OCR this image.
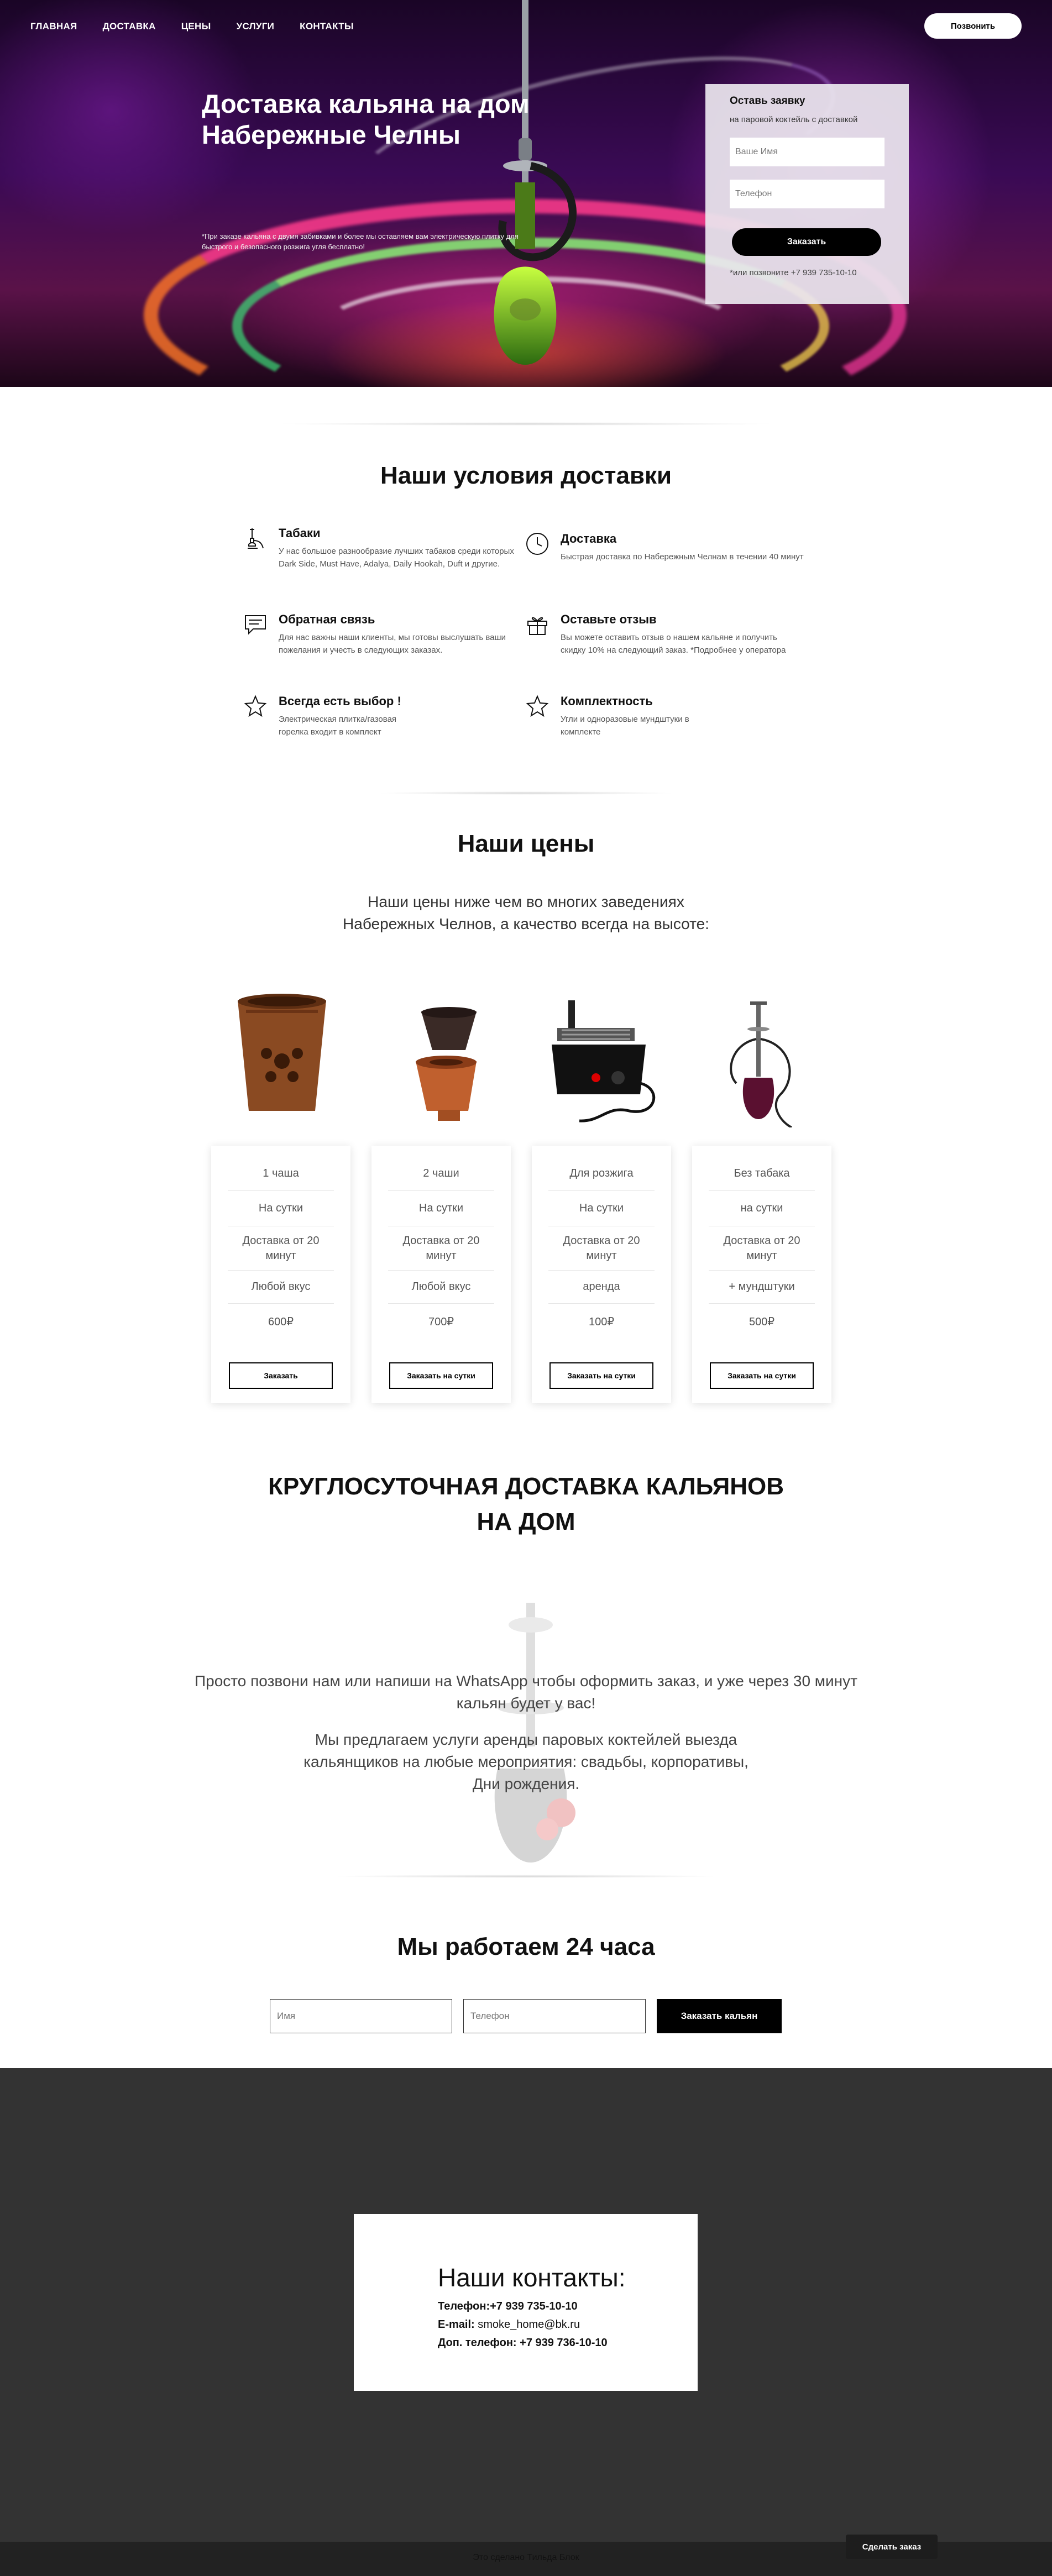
ГЛАВНАЯ	ДОСТАВКА	ЦЕНЫ	УСЛУГИ	КОНТАКТЫ	Позвонить
Доставка кальяна на дом Набережные Челны

*При заказе кальяна с двумя забивками и более мы оставляем вам электрическую плитку для быстрого и безопасного розжига угля бесплатно!

Оставь заявку
на паровой коктейль с доставкой
Ваше Имя
Телефон
Заказать
*или позвоните +7 939 735-10-10
Наши условия доставки
Табаки
У нас большое разнообразие лучших табаков среди которых Dark Side, Must Have, Adalya, Daily Hookah, Duft и другие.
Доставка
Быстрая доставка по Набережным Челнам в течении 40 минут
Обратная связь
Для нас важны наши клиенты, мы готовы выслушать ваши пожелания и учесть в следующих заказах.
Оставьте отзыв
Вы можете оставить отзыв о нашем кальяне и получить скидку 10% на следующий заказ. *Подробнее у оператора
Всегда есть выбор !
Электрическая плитка/газовая горелка входит в комплект
Комплектность
Угли и одноразовые мундштуки в комплекте
Наши цены
Наши цены ниже чем во многих заведениях
Набережных Челнов, а качество всегда на высоте:
1 чаша
На сутки
Доставка от 20 минут
Любой вкус
600₽
Заказать
2 чаши
На сутки
Доставка от 20 минут
Любой вкус
700₽
Заказать на сутки
Для розжига
На сутки
Доставка от 20 минут
аренда
100₽
Заказать на сутки
Без табака
на сутки
Доставка от 20 минут
+ мундштуки
500₽
Заказать на сутки
КРУГЛОСУТОЧНАЯ ДОСТАВКА КАЛЬЯНОВ
НА ДОМ
Просто позвони нам или напиши на WhatsApp чтобы оформить заказ, и уже через 30 минут
кальян будет у вас!
Мы предлагаем услуги аренды паровых коктейлей выезда
кальянщиков на любые мероприятия: свадьбы, корпоративы,
Дни рождения.
Мы работаем 24 часа
Имя
Телефон
Заказать кальян
Наши контакты:
Телефон:+7 939 735-10-10
E-mail: smoke_home@bk.ru
Доп. телефон: +7 939 736-10-10
Это сделано Тильда Блок
Сделать заказ
